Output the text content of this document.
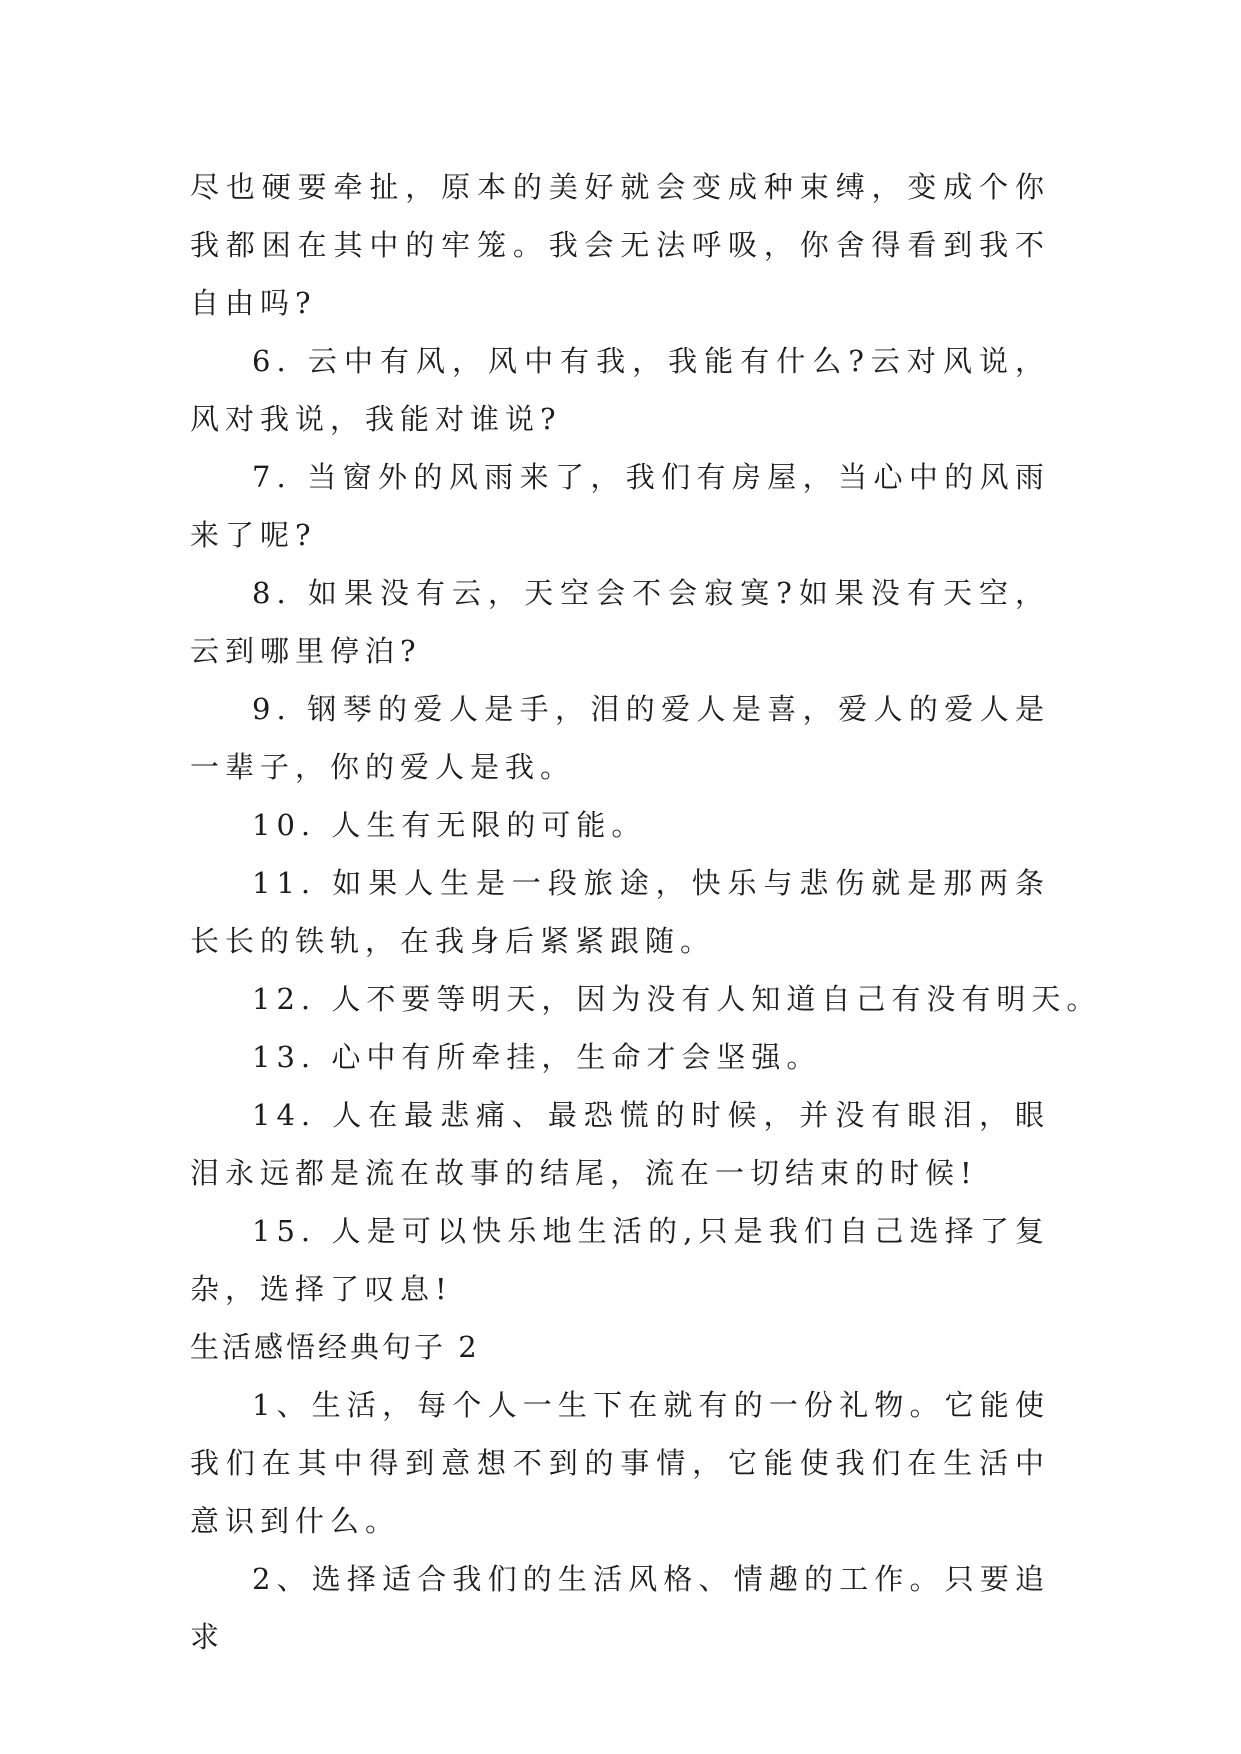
尽也硬要牵扯，原本的美好就会变成种束缚，变成个你我都困在其中的牢笼。我会无法呼吸，你舍得看到我不自由吗?

6. 云中有风，风中有我，我能有什么?云对风说，风对我说，我能对谁说?

7. 当窗外的风雨来了，我们有房屋，当心中的风雨来了呢?

8. 如果没有云，天空会不会寂寞?如果没有天空，云到哪里停泊?

9. 钢琴的爱人是手，泪的爱人是喜，爱人的爱人是一辈子，你的爱人是我。

10. 人生有无限的可能。

11. 如果人生是一段旅途，快乐与悲伤就是那两条长长的铁轨，在我身后紧紧跟随。

12. 人不要等明天，因为没有人知道自己有没有明天。

13. 心中有所牵挂，生命才会坚强。

14. 人在最悲痛、最恐慌的时候，并没有眼泪，眼泪永远都是流在故事的结尾，流在一切结束的时候!

15. 人是可以快乐地生活的,只是我们自己选择了复杂，选择了叹息!

生活感悟经典句子 2

1、生活，每个人一生下在就有的一份礼物。它能使我们在其中得到意想不到的事情，它能使我们在生活中意识到什么。

2、选择适合我们的生活风格、情趣的工作。只要追求
